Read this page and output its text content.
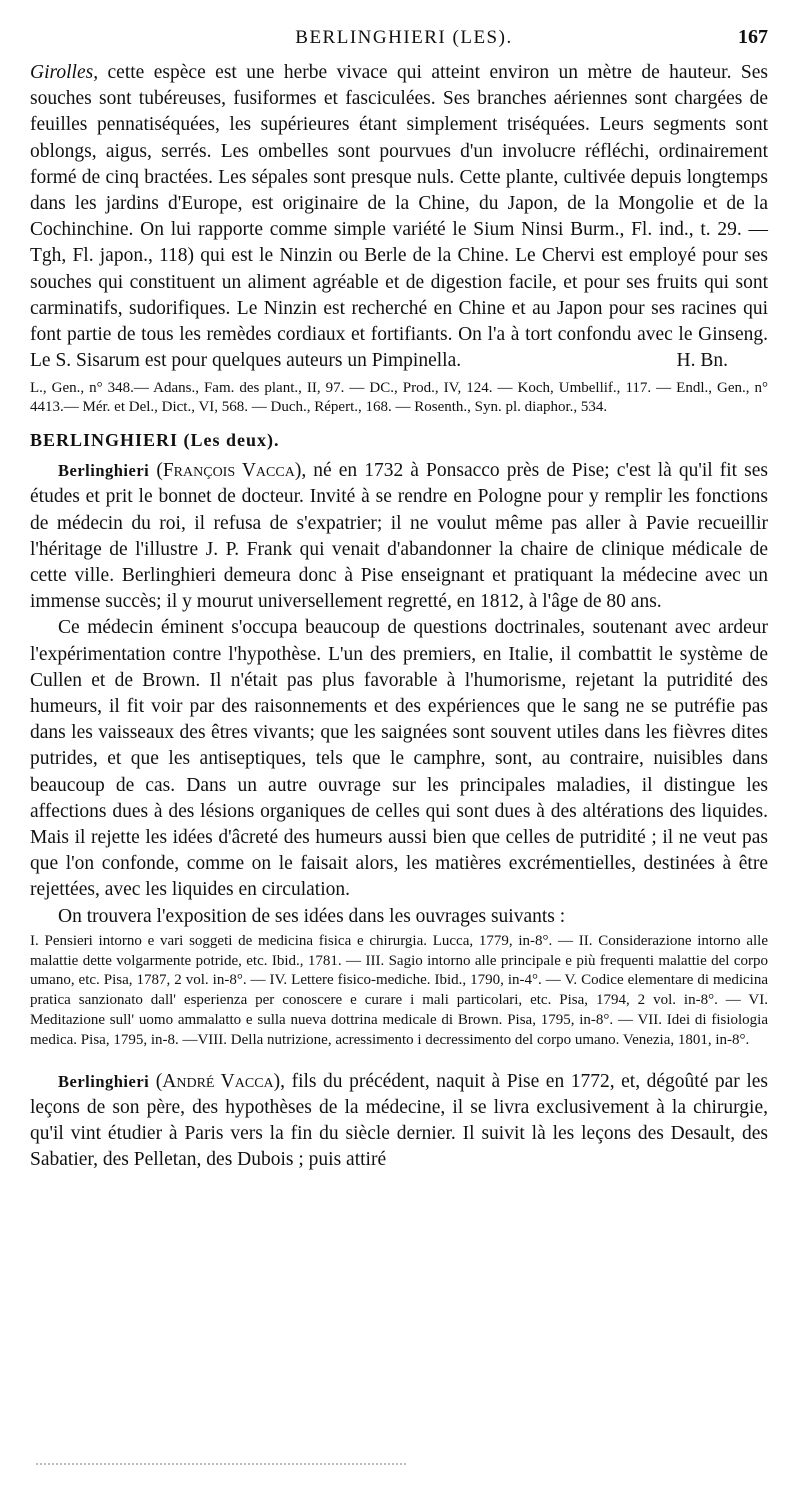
BERLINGHIERI (LES).	167

Girolles, cette espèce est une herbe vivace qui atteint environ un mètre de hauteur. Ses souches sont tubéreuses, fusiformes et fasciculées. Ses branches aériennes sont chargées de feuilles pennatiséquées, les supérieures étant simplement triséquées. Leurs segments sont oblongs, aigus, serrés. Les ombelles sont pourvues d'un involucre réfléchi, ordinairement formé de cinq bractées. Les sépales sont presque nuls. Cette plante, cultivée depuis longtemps dans les jardins d'Europe, est originaire de la Chine, du Japon, de la Mongolie et de la Cochinchine. On lui rapporte comme simple variété le Sium Ninsi Burm., Fl. ind., t. 29. — Tgh, Fl. japon., 118) qui est le Ninzin ou Berle de la Chine. Le Chervi est employé pour ses souches qui constituent un aliment agréable et de digestion facile, et pour ses fruits qui sont carminatifs, sudorifiques. Le Ninzin est recherché en Chine et au Japon pour ses racines qui font partie de tous les remèdes cordiaux et fortifiants. On l'a à tort confondu avec le Ginseng. Le S. Sisarum est pour quelques auteurs un Pimpinella.	H. Bn.

L., Gen., n° 348.— Adans., Fam. des plant., II, 97. — DC., Prod., IV, 124. — Koch, Umbellif., 117. — Endl., Gen., n° 4413.— Mér. et Del., Dict., VI, 568. — Duch., Répert., 168. — Rosenth., Syn. pl. diaphor., 534.

BERLINGHIERI (Les deux).

Berlinghieri (François Vacca), né en 1732 à Ponsacco près de Pise; c'est là qu'il fit ses études et prit le bonnet de docteur. Invité à se rendre en Pologne pour y remplir les fonctions de médecin du roi, il refusa de s'expatrier; il ne voulut même pas aller à Pavie recueillir l'héritage de l'illustre J. P. Frank qui venait d'abandonner la chaire de clinique médicale de cette ville. Berlinghieri demeura donc à Pise enseignant et pratiquant la médecine avec un immense succès; il y mourut universellement regretté, en 1812, à l'âge de 80 ans.

Ce médecin éminent s'occupa beaucoup de questions doctrinales, soutenant avec ardeur l'expérimentation contre l'hypothèse. L'un des premiers, en Italie, il combattit le système de Cullen et de Brown. Il n'était pas plus favorable à l'humorisme, rejetant la putridité des humeurs, il fit voir par des raisonnements et des expériences que le sang ne se putréfie pas dans les vaisseaux des êtres vivants; que les saignées sont souvent utiles dans les fièvres dites putrides, et que les antiseptiques, tels que le camphre, sont, au contraire, nuisibles dans beaucoup de cas. Dans un autre ouvrage sur les principales maladies, il distingue les affections dues à des lésions organiques de celles qui sont dues à des altérations des liquides. Mais il rejette les idées d'âcreté des humeurs aussi bien que celles de putridité ; il ne veut pas que l'on confonde, comme on le faisait alors, les matières excrémentielles, destinées à être rejettées, avec les liquides en circulation.

On trouvera l'exposition de ses idées dans les ouvrages suivants :

I. Pensieri intorno e vari soggeti de medicina fisica e chirurgia. Lucca, 1779, in-8°. — II. Considerazione intorno alle malattie dette volgarmente potride, etc. Ibid., 1781. — III. Sagio intorno alle principale e più frequenti malattie del corpo umano, etc. Pisa, 1787, 2 vol. in-8°. — IV. Lettere fisico-mediche. Ibid., 1790, in-4°. — V. Codice elementare di medicina pratica sanzionato dall' esperienza per conoscere e curare i mali particolari, etc. Pisa, 1794, 2 vol. in-8°. — VI. Meditazione sull' uomo ammalatto e sulla nueva dottrina medicale di Brown. Pisa, 1795, in-8°. — VII. Idei di fisiologia medica. Pisa, 1795, in-8. —VIII. Della nutrizione, acressimento i decressimento del corpo umano. Venezia, 1801, in-8°.

Berlinghieri (André Vacca), fils du précédent, naquit à Pise en 1772, et, dégoûté par les leçons de son père, des hypothèses de la médecine, il se livra exclusivement à la chirurgie, qu'il vint étudier à Paris vers la fin du siècle dernier. Il suivit là les leçons des Desault, des Sabatier, des Pelletan, des Dubois ; puis attiré
